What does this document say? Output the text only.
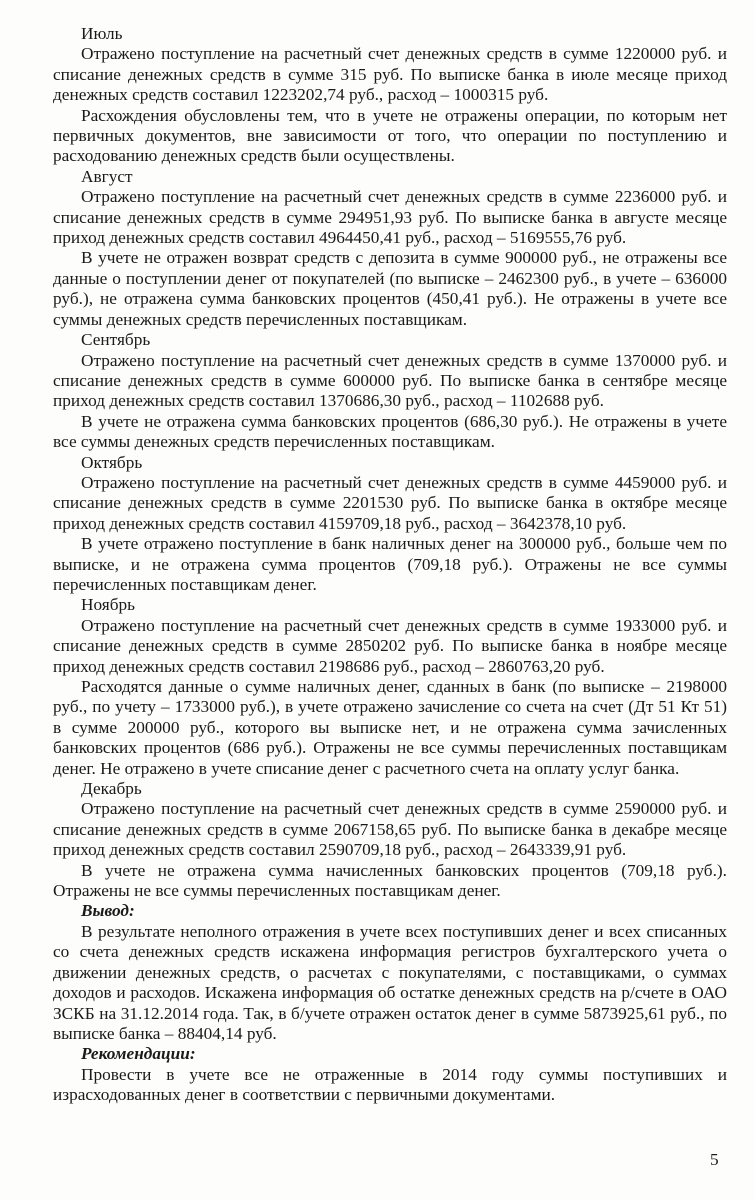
Июль

Отражено поступление на расчетный счет денежных средств в сумме 1220000 руб. и списание денежных средств в сумме 315 руб. По выписке банка в июле месяце приход денежных средств составил 1223202,74 руб., расход – 1000315 руб.

Расхождения обусловлены тем, что в учете не отражены операции, по которым нет первичных документов, вне зависимости от того, что операции по поступлению и расходованию денежных средств были осуществлены.

Август

Отражено поступление на расчетный счет денежных средств в сумме 2236000 руб. и списание денежных средств в сумме 294951,93 руб. По выписке банка в августе месяце приход денежных средств составил 4964450,41 руб., расход – 5169555,76 руб.

В учете не отражен возврат средств с депозита в сумме 900000 руб., не отражены все данные о поступлении денег от покупателей (по выписке – 2462300 руб., в учете – 636000 руб.), не отражена сумма банковских процентов (450,41 руб.). Не отражены в учете все суммы денежных средств перечисленных поставщикам.

Сентябрь

Отражено поступление на расчетный счет денежных средств в сумме 1370000 руб. и списание денежных средств в сумме 600000 руб. По выписке банка в сентябре месяце приход денежных средств составил 1370686,30 руб., расход – 1102688 руб.

В учете не отражена сумма банковских процентов (686,30 руб.). Не отражены в учете все суммы денежных средств перечисленных поставщикам.

Октябрь

Отражено поступление на расчетный счет денежных средств в сумме 4459000 руб. и списание денежных средств в сумме 2201530 руб. По выписке банка в октябре месяце приход денежных средств составил 4159709,18 руб., расход – 3642378,10 руб.

В учете отражено поступление в банк наличных денег на 300000 руб., больше чем по выписке, и не отражена сумма процентов (709,18 руб.). Отражены не все суммы перечисленных поставщикам денег.

Ноябрь

Отражено поступление на расчетный счет денежных средств в сумме 1933000 руб. и списание денежных средств в сумме 2850202 руб. По выписке банка в ноябре месяце приход денежных средств составил 2198686 руб., расход – 2860763,20 руб.

Расходятся данные о сумме наличных денег, сданных в банк (по выписке – 2198000 руб., по учету – 1733000 руб.), в учете отражено зачисление со счета на счет (Дт 51 Кт 51) в сумме 200000 руб., которого вы выписке нет, и не отражена сумма зачисленных банковских процентов (686 руб.). Отражены не все суммы перечисленных поставщикам денег. Не отражено в учете списание денег с расчетного счета на оплату услуг банка.

Декабрь

Отражено поступление на расчетный счет денежных средств в сумме 2590000 руб. и списание денежных средств в сумме 2067158,65 руб. По выписке банка в декабре месяце приход денежных средств составил 2590709,18 руб., расход – 2643339,91 руб.

В учете не отражена сумма начисленных банковских процентов (709,18 руб.). Отражены не все суммы перечисленных поставщикам денег.

Вывод:

В результате неполного отражения в учете всех поступивших денег и всех списанных со счета денежных средств искажена информация регистров бухгалтерского учета о движении денежных средств, о расчетах с покупателями, с поставщиками, о суммах доходов и расходов. Искажена информация об остатке денежных средств на р/счете в ОАО ЗСКБ на 31.12.2014 года. Так, в б/учете отражен остаток денег в сумме 5873925,61 руб., по выписке банка – 88404,14 руб.

Рекомендации:

Провести в учете все не отраженные в 2014 году суммы поступивших и израсходованных денег в соответствии с первичными документами.

5
